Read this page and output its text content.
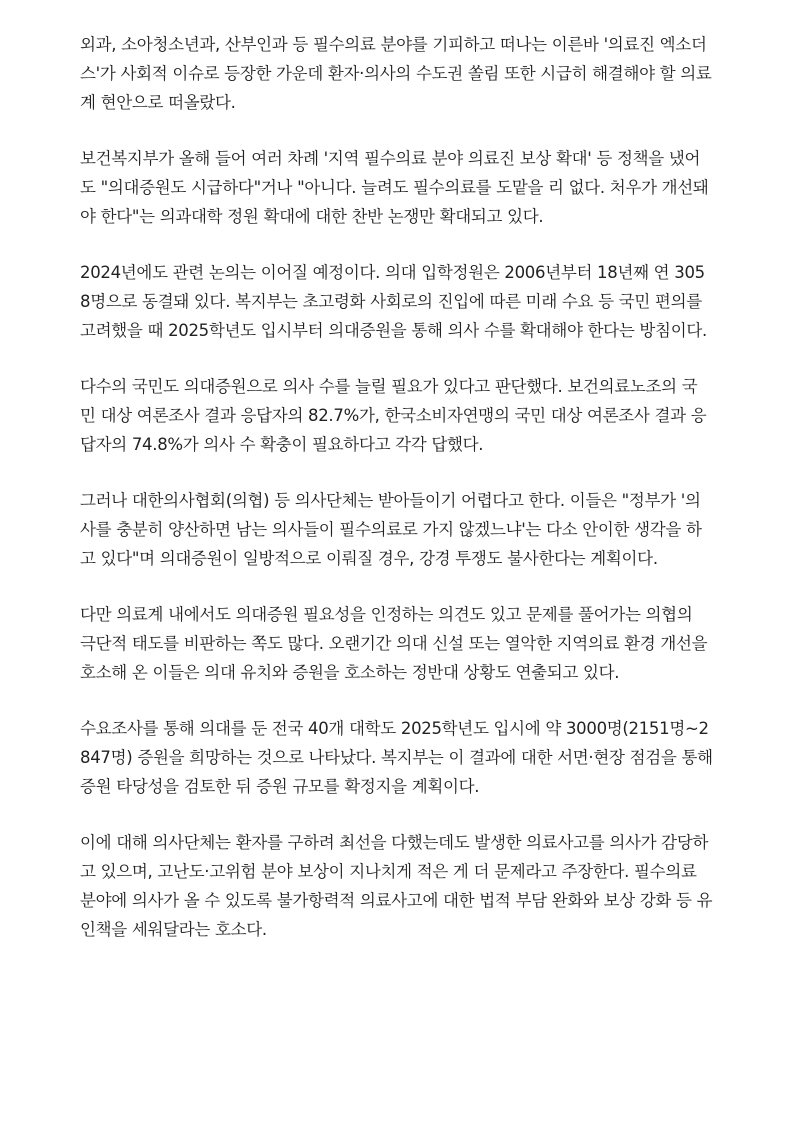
외과, 소아청소년과, 산부인과 등 필수의료 분야를 기피하고 떠나는 이른바 '의료진 엑소더스'가 사회적 이슈로 등장한 가운데 환자·의사의 수도권 쏠림 또한 시급히 해결해야 할 의료계 현안으로 떠올랐다.

보건복지부가 올해 들어 여러 차례 '지역 필수의료 분야 의료진 보상 확대' 등 정책을 냈어도 "의대증원도 시급하다"거나 "아니다. 늘려도 필수의료를 도맡을 리 없다. 처우가 개선돼야 한다"는 의과대학 정원 확대에 대한 찬반 논쟁만 확대되고 있다.

2024년에도 관련 논의는 이어질 예정이다. 의대 입학정원은 2006년부터 18년째 연 3058명으로 동결돼 있다. 복지부는 초고령화 사회로의 진입에 따른 미래 수요 등 국민 편의를 고려했을 때 2025학년도 입시부터 의대증원을 통해 의사 수를 확대해야 한다는 방침이다.

다수의 국민도 의대증원으로 의사 수를 늘릴 필요가 있다고 판단했다. 보건의료노조의 국민 대상 여론조사 결과 응답자의 82.7%가, 한국소비자연맹의 국민 대상 여론조사 결과 응답자의 74.8%가 의사 수 확충이 필요하다고 각각 답했다.

그러나 대한의사협회(의협) 등 의사단체는 받아들이기 어렵다고 한다. 이들은 "정부가 '의사를 충분히 양산하면 남는 의사들이 필수의료로 가지 않겠느냐'는 다소 안이한 생각을 하고 있다"며 의대증원이 일방적으로 이뤄질 경우, 강경 투쟁도 불사한다는 계획이다.

다만 의료계 내에서도 의대증원 필요성을 인정하는 의견도 있고 문제를 풀어가는 의협의 극단적 태도를 비판하는 쪽도 많다. 오랜기간 의대 신설 또는 열악한 지역의료 환경 개선을 호소해 온 이들은 의대 유치와 증원을 호소하는 정반대 상황도 연출되고 있다.

수요조사를 통해 의대를 둔 전국 40개 대학도 2025학년도 입시에 약 3000명(2151명~2847명) 증원을 희망하는 것으로 나타났다. 복지부는 이 결과에 대한 서면·현장 점검을 통해 증원 타당성을 검토한 뒤 증원 규모를 확정지을 계획이다.

이에 대해 의사단체는 환자를 구하려 최선을 다했는데도 발생한 의료사고를 의사가 감당하고 있으며, 고난도·고위험 분야 보상이 지나치게 적은 게 더 문제라고 주장한다. 필수의료 분야에 의사가 올 수 있도록 불가항력적 의료사고에 대한 법적 부담 완화와 보상 강화 등 유인책을 세워달라는 호소다.
